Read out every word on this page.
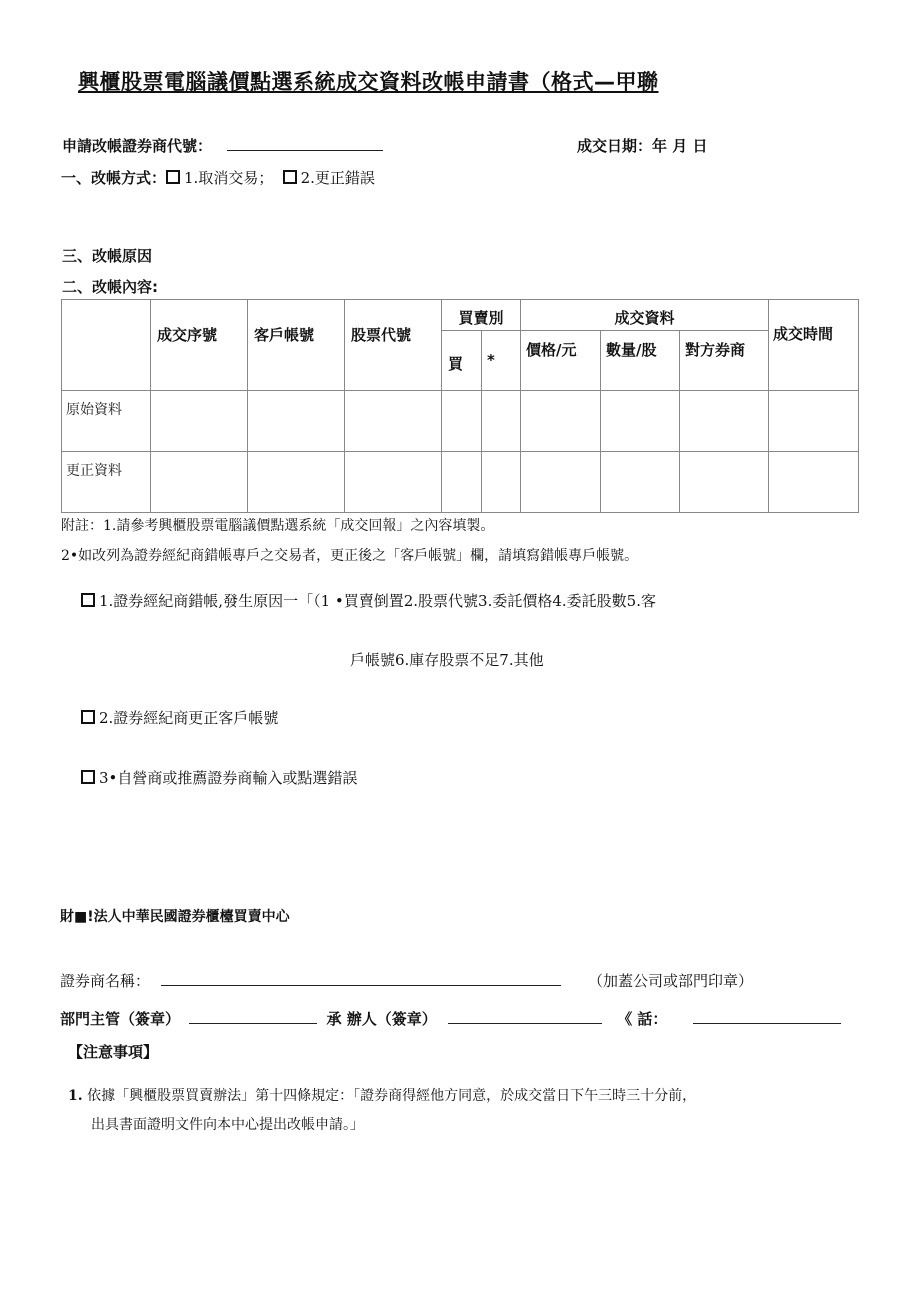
興櫃股票電腦議價點選系統成交資料改帳申請書（格式—甲聯
申請改帳證券商代號：	成交日期：年 月 日
一、改帳方式： 1.取消交易； 2.更正錯誤
三、改帳原因
二、改帳內容:

	成交序號	客戶帳號	股票代號	買賣別		成交資料			成交時間

				買	*	價格/元	數量/股	對方券商	

原始資料									

更正資料									

附註：1.請參考興櫃股票電腦議價點選系統「成交回報」之內容填製。
2•如改列為證券經紀商錯帳專戶之交易者，更正後之「客戶帳號」欄，請填寫錯帳專戶帳號。
1.證券經紀商錯帳,發生原因一「（1 •買賣倒置2.股票代號3.委託價格4.委託股數5.客
戶帳號6.庫存股票不足7.其他
2.證券經紀商更正客戶帳號
3•自營商或推薦證券商輸入或點選錯誤
財■!法人中華民國證券櫃檯買賣中心
證券商名稱：	（加蓋公司或部門印章）
部門主管（簽章）	承 辦人（簽章）	《 話：
【注意事項】
1. 依據「興櫃股票買賣辦法」第十四條規定：「證券商得經他方同意，於成交當日下午三時三十分前，
出具書面證明文件向本中心提出改帳申請。」
